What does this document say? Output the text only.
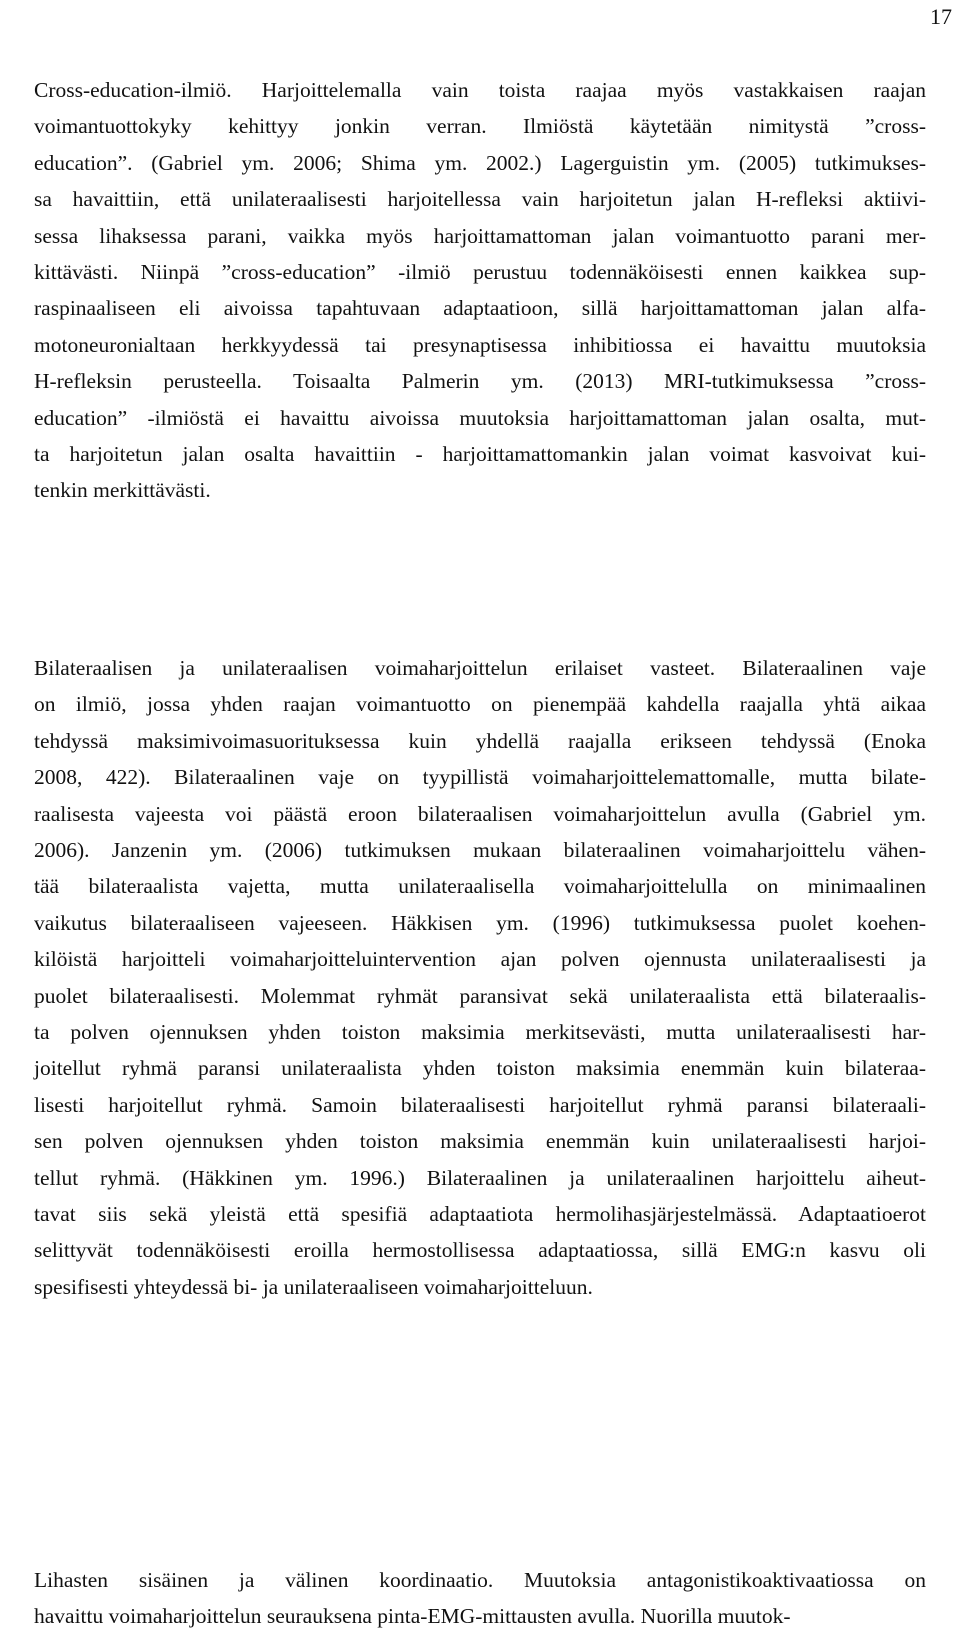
17
Cross-education-ilmiö. Harjoittelemalla vain toista raajaa myös vastakkaisen raajan
voimantuottokyky kehittyy jonkin verran. Ilmiöstä käytetään nimitystä ”cross-
education”. (Gabriel ym. 2006; Shima ym. 2002.) Lagerguistin ym. (2005) tutkimukses-
sa havaittiin, että unilateraalisesti harjoitellessa vain harjoitetun jalan H-refleksi aktiivi-
sessa lihaksessa parani, vaikka myös harjoittamattoman jalan voimantuotto parani mer-
kittävästi. Niinpä ”cross-education” -ilmiö perustuu todennäköisesti ennen kaikkea sup-
raspinaaliseen eli aivoissa tapahtuvaan adaptaatioon, sillä harjoittamattoman jalan alfa-
motoneuronialtaan herkkyydessä tai presynaptisessa inhibitiossa ei havaittu muutoksia
H-refleksin perusteella. Toisaalta Palmerin ym. (2013) MRI-tutkimuksessa ”cross-
education” -ilmiöstä ei havaittu aivoissa muutoksia harjoittamattoman jalan osalta, mut-
ta harjoitetun jalan osalta havaittiin - harjoittamattomankin jalan voimat kasvoivat kui-
tenkin merkittävästi.
Bilateraalisen ja unilateraalisen voimaharjoittelun erilaiset vasteet. Bilateraalinen vaje
on ilmiö, jossa yhden raajan voimantuotto on pienempää kahdella raajalla yhtä aikaa
tehdyssä maksimivoimasuorituksessa kuin yhdellä raajalla erikseen tehdyssä (Enoka
2008, 422). Bilateraalinen vaje on tyypillistä voimaharjoittelemattomalle, mutta bilate-
raalisesta vajeesta voi päästä eroon bilateraalisen voimaharjoittelun avulla (Gabriel ym.
2006). Janzenin ym. (2006) tutkimuksen mukaan bilateraalinen voimaharjoittelu vähen-
tää bilateraalista vajetta, mutta unilateraalisella voimaharjoittelulla on minimaalinen
vaikutus bilateraaliseen vajeeseen. Häkkisen ym. (1996) tutkimuksessa puolet koehen-
kilöistä harjoitteli voimaharjoitteluintervention ajan polven ojennusta unilateraalisesti ja
puolet bilateraalisesti. Molemmat ryhmät paransivat sekä unilateraalista että bilateraalis-
ta polven ojennuksen yhden toiston maksimia merkitsevästi, mutta unilateraalisesti har-
joitellut ryhmä paransi unilateraalista yhden toiston maksimia enemmän kuin bilateraa-
lisesti harjoitellut ryhmä. Samoin bilateraalisesti harjoitellut ryhmä paransi bilateraali-
sen polven ojennuksen yhden toiston maksimia enemmän kuin unilateraalisesti harjoi-
tellut ryhmä. (Häkkinen ym. 1996.) Bilateraalinen ja unilateraalinen harjoittelu aiheut-
tavat siis sekä yleistä että spesifiä adaptaatiota hermolihasjärjestelmässä. Adaptaatioerot
selittyvät todennäköisesti eroilla hermostollisessa adaptaatiossa, sillä EMG:n kasvu oli
spesifisesti yhteydessä bi- ja unilateraaliseen voimaharjoitteluun.
Lihasten sisäinen ja välinen koordinaatio. Muutoksia antagonistikoaktivaatiossa on
havaittu voimaharjoittelun seurauksena pinta-EMG-mittausten avulla. Nuorilla muutok-
